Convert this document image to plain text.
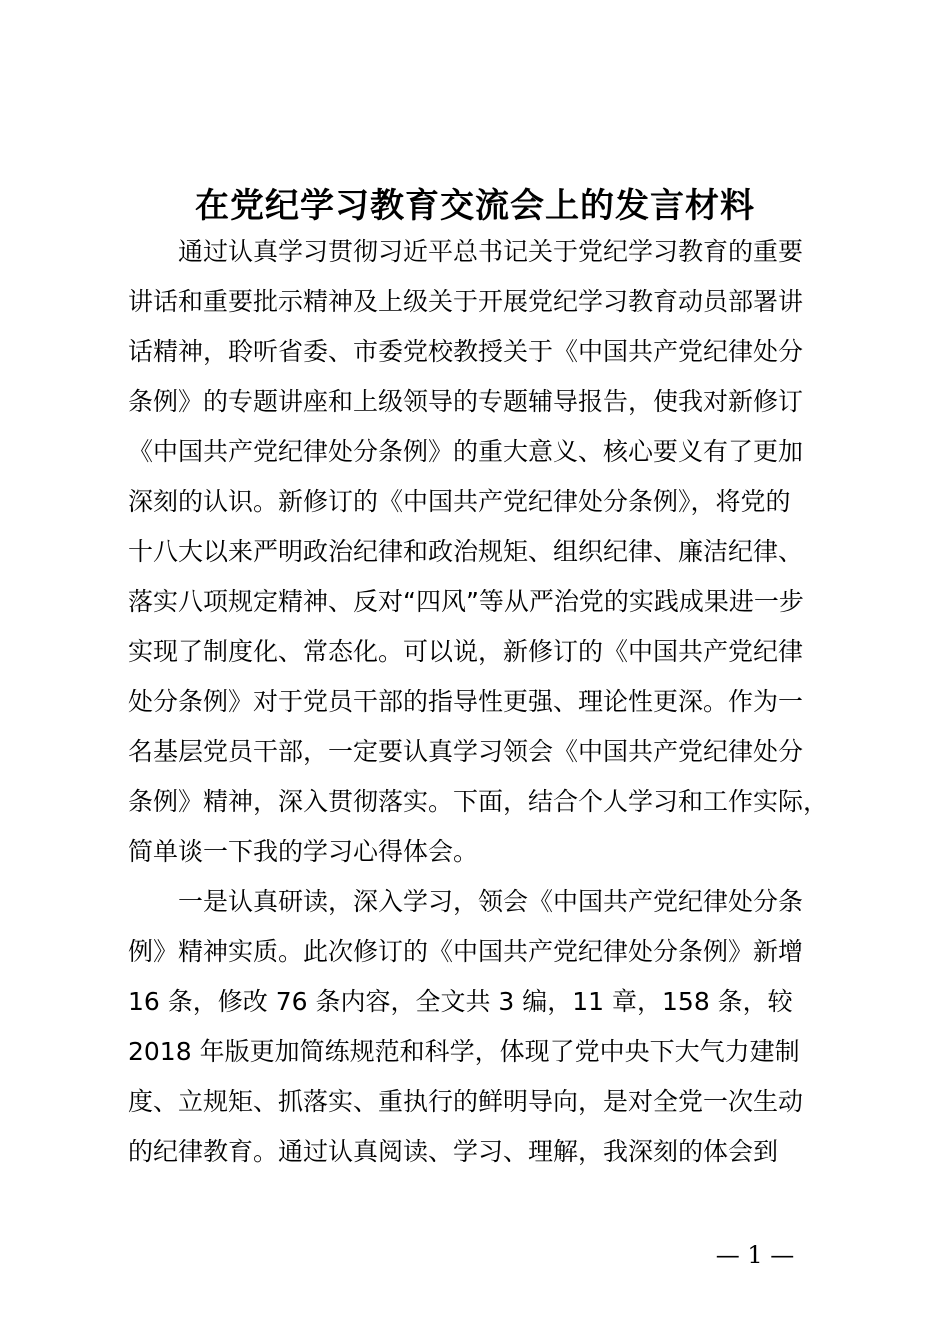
在党纪学习教育交流会上的发言材料

通过认真学习贯彻习近平总书记关于党纪学习教育的重要

讲话和重要批示精神及上级关于开展党纪学习教育动员部署讲

话精神，聆听省委、市委党校教授关于《中国共产党纪律处分

条例》的专题讲座和上级领导的专题辅导报告，使我对新修订

《中国共产党纪律处分条例》的重大意义、核心要义有了更加

深刻的认识。新修订的《中国共产党纪律处分条例》，将党的

十八大以来严明政治纪律和政治规矩、组织纪律、廉洁纪律、

落实八项规定精神、反对“四风”等从严治党的实践成果进一步

实现了制度化、常态化。可以说，新修订的《中国共产党纪律

处分条例》对于党员干部的指导性更强、理论性更深。作为一

名基层党员干部，一定要认真学习领会《中国共产党纪律处分

条例》精神，深入贯彻落实。下面，结合个人学习和工作实际，

简单谈一下我的学习心得体会。

一是认真研读，深入学习，领会《中国共产党纪律处分条

例》精神实质。此次修订的《中国共产党纪律处分条例》新增

16 条，修改 76 条内容，全文共 3 编，11 章，158 条，较

2018 年版更加简练规范和科学，体现了党中央下大气力建制

度、立规矩、抓落实、重执行的鲜明导向，是对全党一次生动

的纪律教育。通过认真阅读、学习、理解，我深刻的体会到

— 1 —
